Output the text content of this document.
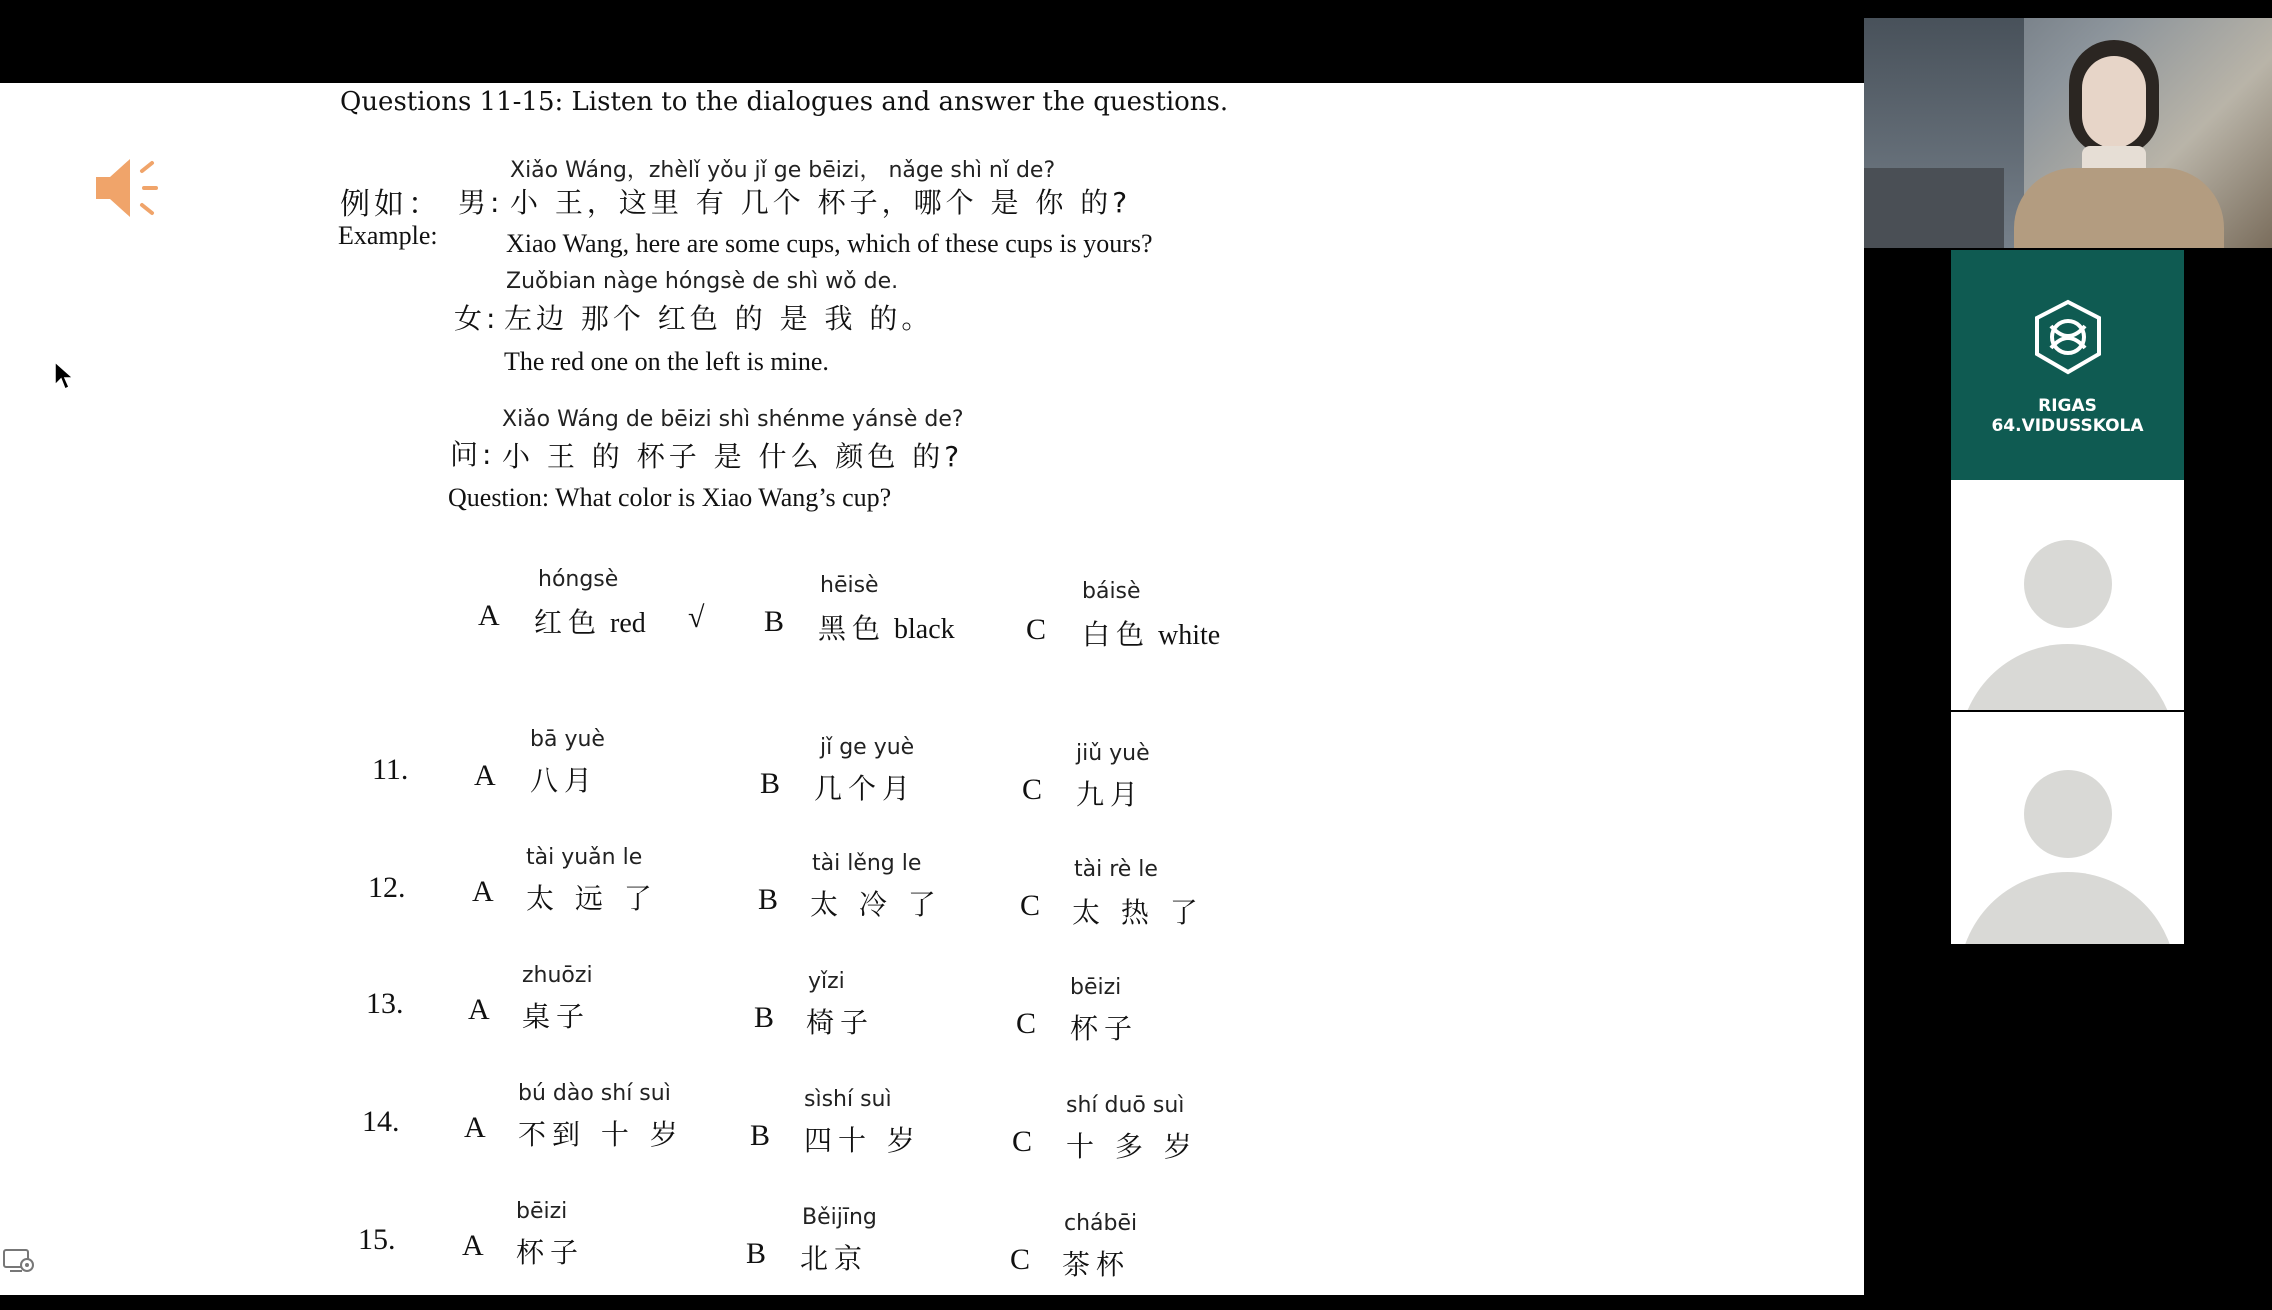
Questions 11-15: Listen to the dialogues and answer the questions.
例如：
Example:
Xiǎo Wáng，zhèlǐ yǒu jǐ ge bēizi， nǎge shì nǐ de?
男: 小 王，这里 有 几个 杯子，哪个 是 你 的?
Xiao Wang, here are some cups, which of these cups is yours?
Zuǒbian nàge hóngsè de shì wǒ de.
女: 左边 那个 红色 的 是 我 的。
The red one on the left is mine.
Xiǎo Wáng de bēizi shì shénme yánsè de?
问: 小 王 的 杯子 是 什么 颜色 的?
Question: What color is Xiao Wang’s cup?
hóngsè
A 红色 red √
hēisè
B 黑色 black
báisè
C 白色 white
11.
bā yuè
A 八月
jǐ ge yuè
B 几个月
jiǔ yuè
C 九月
12.
tài yuǎn le
A 太 远 了
tài lěng le
B 太 冷 了
tài rè le
C 太 热 了
13.
zhuōzi
A 桌子
yǐzi
B 椅子
bēizi
C 杯子
14.
bú dào shí suì
A 不到 十 岁
sìshí suì
B 四十 岁
shí duō suì
C 十 多 岁
15.
bēizi
A 杯子
Běijīng
B 北京
chábēi
C 茶杯
RIGAS
64.VIDUSSKOLA
